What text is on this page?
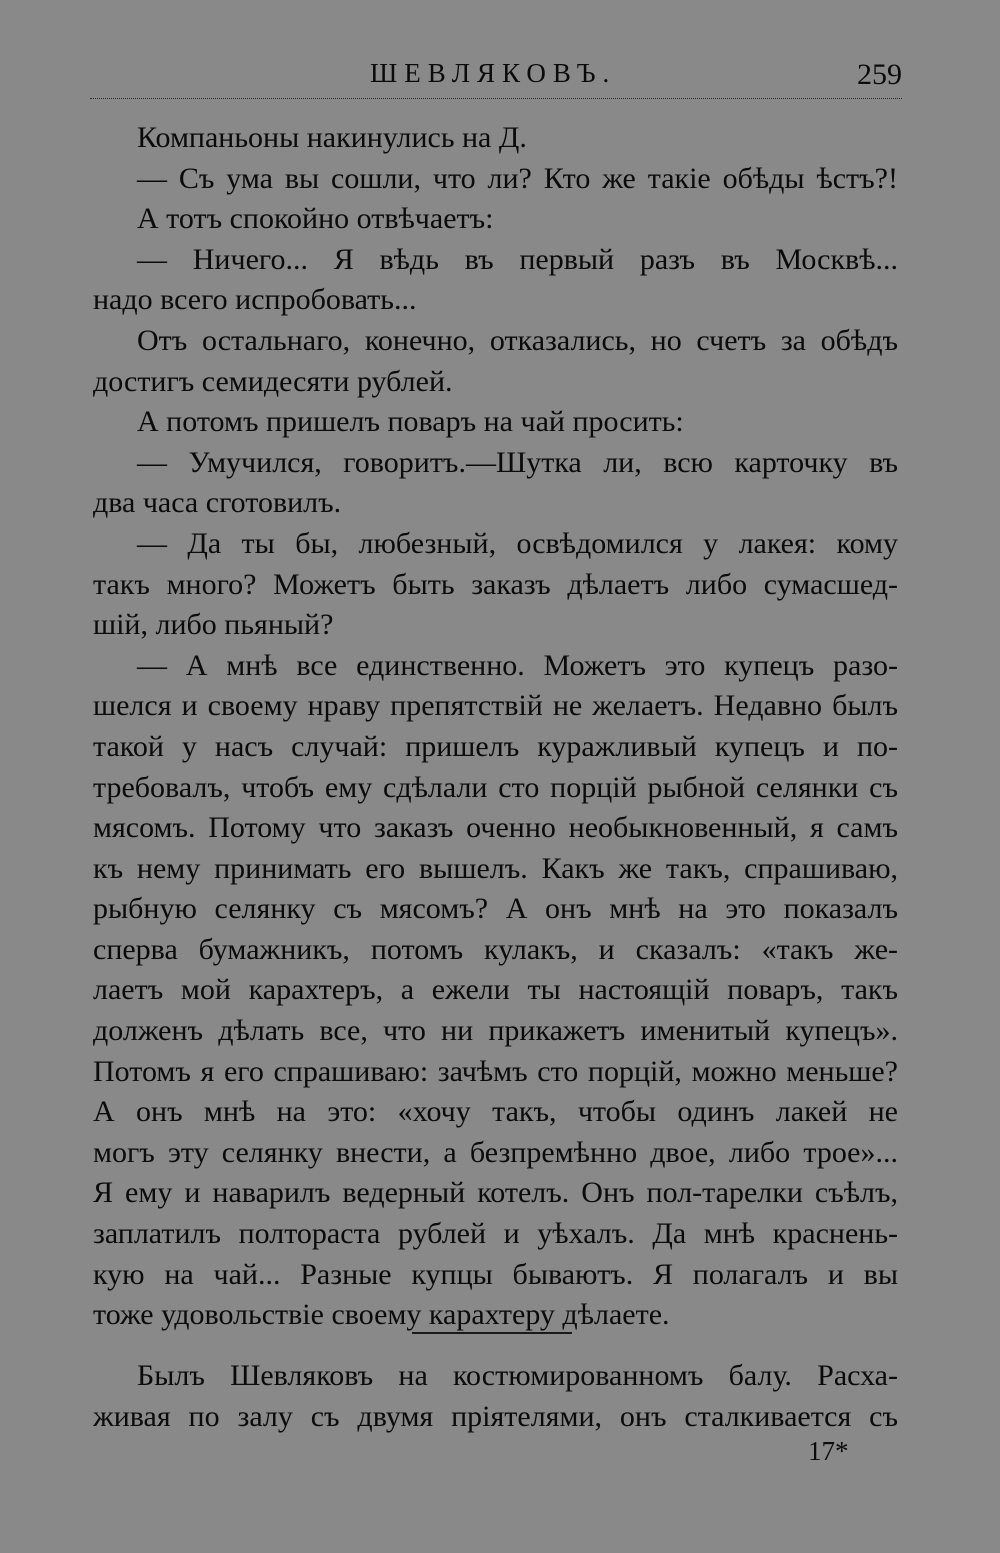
ШЕВЛЯКОВЪ.	259
Компаньоны накинулись на Д.
— Съ ума вы сошли, что ли? Кто же такіе обѣды ѣстъ?!
А тотъ спокойно отвѣчаетъ:
— Ничего... Я вѣдь въ первый разъ въ Москвѣ...
надо всего испробовать...
Отъ остальнаго, конечно, отказались, но счетъ за обѣдъ
достигъ семидесяти рублей.
А потомъ пришелъ поваръ на чай просить:
— Умучился, говоритъ.—Шутка ли, всю карточку въ
два часа сготовилъ.
— Да ты бы, любезный, освѣдомился у лакея: кому
такъ много? Можетъ быть заказъ дѣлаетъ либо сумасшед-
шій, либо пьяный?
— А мнѣ все единственно. Можетъ это купецъ разо-
шелся и своему нраву препятствій не желаетъ. Недавно былъ
такой у насъ случай: пришелъ куражливый купецъ и по-
требовалъ, чтобъ ему сдѣлали сто порцій рыбной селянки съ
мясомъ. Потому что заказъ оченно необыкновенный, я самъ
къ нему принимать его вышелъ. Какъ же такъ, спрашиваю,
рыбную селянку съ мясомъ? А онъ мнѣ на это показалъ
сперва бумажникъ, потомъ кулакъ, и сказалъ: «такъ же-
лаетъ мой карахтеръ, а ежели ты настоящій поваръ, такъ
долженъ дѣлать все, что ни прикажетъ именитый купецъ».
Потомъ я его спрашиваю: зачѣмъ сто порцій, можно меньше?
А онъ мнѣ на это: «хочу такъ, чтобы одинъ лакей не
могъ эту селянку внести, а безпремѣнно двое, либо трое»...
Я ему и наварилъ ведерный котелъ. Онъ пол-тарелки съѣлъ,
заплатилъ полтораста рублей и уѣхалъ. Да мнѣ краснень-
кую на чай... Разные купцы бываютъ. Я полагалъ и вы
тоже удовольствіе своему карахтеру дѣлаете.
Былъ Шевляковъ на костюмированномъ балу. Расха-
живая по залу съ двумя пріятелями, онъ сталкивается съ
17*
